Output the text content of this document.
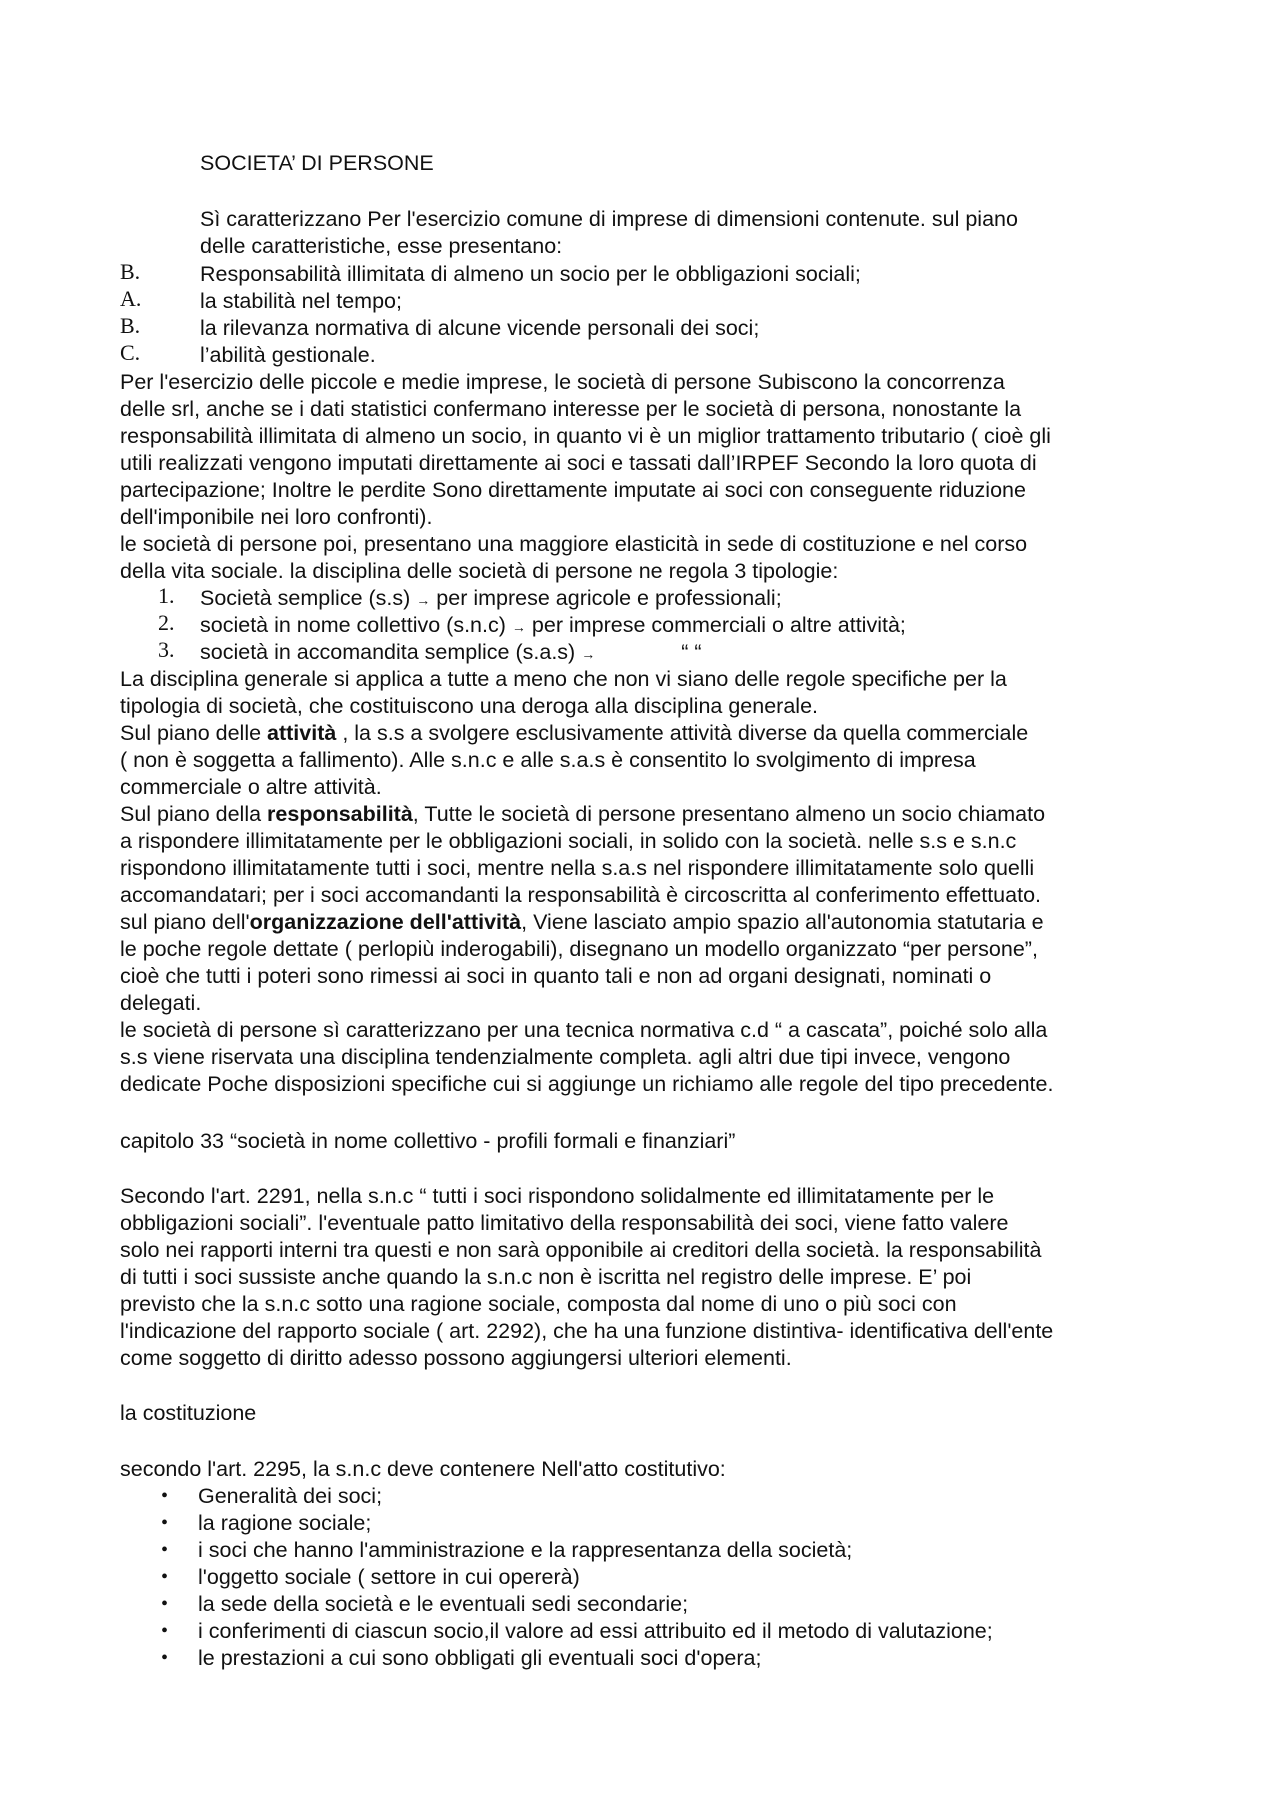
SOCIETA’ DI PERSONE
Sì caratterizzano Per l'esercizio comune di imprese di dimensioni contenute. sul piano
delle caratteristiche, esse presentano:
B.	Responsabilità illimitata di almeno un socio per le obbligazioni sociali;
A.	la stabilità nel tempo;
B.	la rilevanza normativa di alcune vicende personali dei soci;
C.	l’abilità gestionale.
Per l'esercizio delle piccole e medie imprese, le società di persone Subiscono la concorrenza
delle srl, anche se i dati statistici confermano interesse per le società di persona, nonostante la
responsabilità illimitata di almeno un socio, in quanto vi è un miglior trattamento tributario ( cioè gli
utili realizzati vengono imputati direttamente ai soci e tassati dall’IRPEF Secondo la loro quota di
partecipazione; Inoltre le perdite Sono direttamente imputate ai soci con conseguente riduzione
dell'imponibile nei loro confronti).
le società di persone poi, presentano una maggiore elasticità in sede di costituzione e nel corso
della vita sociale. la disciplina delle società di persone ne regola 3 tipologie:
1. Società semplice (s.s) → per imprese agricole e professionali;
2. società in nome collettivo (s.n.c) → per imprese commerciali o altre attività;
3. società in accomandita semplice (s.a.s) →	“ “
La disciplina generale si applica a tutte a meno che non vi siano delle regole specifiche per la
tipologia di società, che costituiscono una deroga alla disciplina generale.
Sul piano delle attività , la s.s a svolgere esclusivamente attività diverse da quella commerciale
( non è soggetta a fallimento). Alle s.n.c e alle s.a.s è consentito lo svolgimento di impresa
commerciale o altre attività.
Sul piano della responsabilità, Tutte le società di persone presentano almeno un socio chiamato
a rispondere illimitatamente per le obbligazioni sociali, in solido con la società. nelle s.s e s.n.c
rispondono illimitatamente tutti i soci, mentre nella s.a.s nel rispondere illimitatamente solo quelli
accomandatari; per i soci accomandanti la responsabilità è circoscritta al conferimento effettuato.
sul piano dell'organizzazione dell'attività, Viene lasciato ampio spazio all'autonomia statutaria e
le poche regole dettate ( perlopiù inderogabili), disegnano un modello organizzato “per persone”,
cioè che tutti i poteri sono rimessi ai soci in quanto tali e non ad organi designati, nominati o
delegati.
le società di persone sì caratterizzano per una tecnica normativa c.d “ a cascata”, poiché solo alla
s.s viene riservata una disciplina tendenzialmente completa. agli altri due tipi invece, vengono
dedicate Poche disposizioni specifiche cui si aggiunge un richiamo alle regole del tipo precedente.
capitolo 33 “società in nome collettivo - profili formali e finanziari”
Secondo l'art. 2291, nella s.n.c “ tutti i soci rispondono solidalmente ed illimitatamente per le
obbligazioni sociali”. l'eventuale patto limitativo della responsabilità dei soci, viene fatto valere
solo nei rapporti interni tra questi e non sarà opponibile ai creditori della società. la responsabilità
di tutti i soci sussiste anche quando la s.n.c non è iscritta nel registro delle imprese. E’ poi
previsto che la s.n.c sotto una ragione sociale, composta dal nome di uno o più soci con
l'indicazione del rapporto sociale ( art. 2292), che ha una funzione distintiva- identificativa dell'ente
come soggetto di diritto adesso possono aggiungersi ulteriori elementi.
la costituzione
secondo l'art. 2295, la s.n.c deve contenere Nell'atto costitutivo:
• Generalità dei soci;
• la ragione sociale;
• i soci che hanno l'amministrazione e la rappresentanza della società;
• l'oggetto sociale ( settore in cui opererà)
• la sede della società e le eventuali sedi secondarie;
• i conferimenti di ciascun socio,il valore ad essi attribuito ed il metodo di valutazione;
• le prestazioni a cui sono obbligati gli eventuali soci d'opera;
